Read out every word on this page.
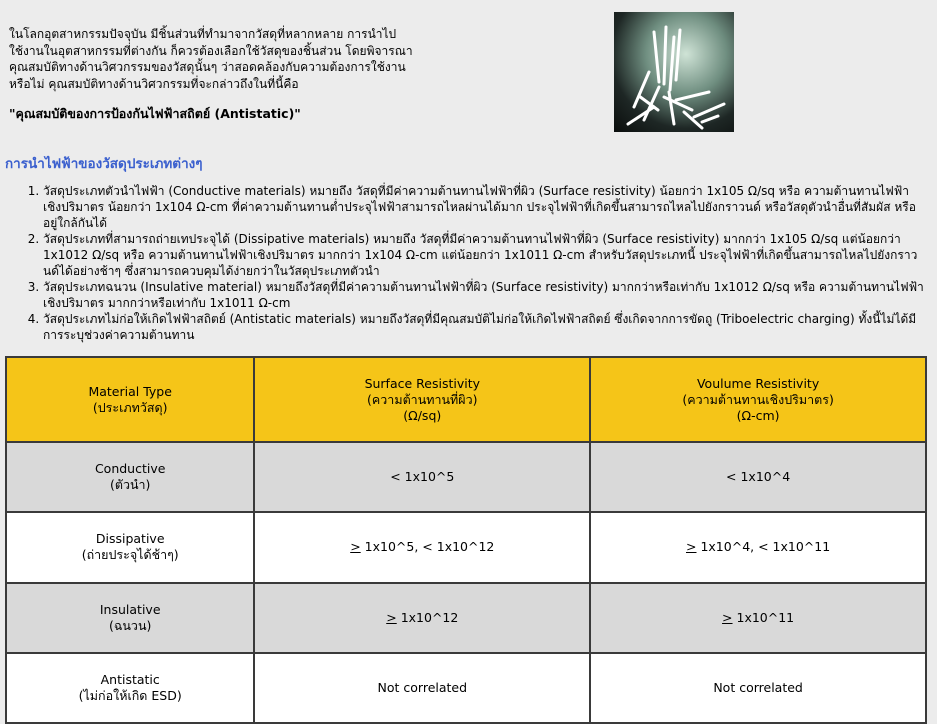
ในโลกอุตสาหกรรมปัจจุบัน มีชิ้นส่วนที่ทำมาจากวัสดุที่หลากหลาย การนำไป

ใช้งานในอุตสาหกรรมที่ต่างกัน ก็ควรต้องเลือกใช้วัสดุของชิ้นส่วน โดยพิจารณา

คุณสมบัติทางด้านวิศวกรรมของวัสดุนั้นๆ ว่าสอดคล้องกับความต้องการใช้งาน

หรือไม่ คุณสมบัติทางด้านวิศวกรรมที่จะกล่าวถึงในที่นี้คือ

"คุณสมบัติของการป้องกันไฟฟ้าสถิตย์ (Antistatic)"
การนำไฟฟ้าของวัสดุประเภทต่างๆ
1. วัสดุประเภทตัวนำไฟฟ้า (Conductive materials) หมายถึง วัสดุที่มีค่าความต้านทานไฟฟ้าที่ผิว (Surface resistivity) น้อยกว่า 1x105 Ω/sq หรือ ความต้านทานไฟฟ้าเชิงปริมาตร น้อยกว่า 1x104 Ω-cm ที่ค่าความต้านทานต่ำประจุไฟฟ้าสามารถไหลผ่านได้มาก ประจุไฟฟ้าที่เกิดขึ้นสามารถไหลไปยังกราวนด์ หรือวัสดุตัวนำอื่นที่สัมผัส หรืออยู่ใกล้กันได้
2. วัสดุประเภทที่สามารถถ่ายเทประจุได้ (Dissipative materials) หมายถึง วัสดุที่มีค่าความต้านทานไฟฟ้าที่ผิว (Surface resistivity) มากกว่า 1x105 Ω/sq แต่น้อยกว่า 1x1012 Ω/sq หรือ ความต้านทานไฟฟ้าเชิงปริมาตร มากกว่า 1x104 Ω-cm แต่น้อยกว่า 1x1011 Ω-cm สำหรับวัสดุประเภทนี้ ประจุไฟฟ้าที่เกิดขึ้นสามารถไหลไปยังกราวนด์ได้อย่างช้าๆ ซึ่งสามารถควบคุมได้ง่ายกว่าในวัสดุประเภทตัวนำ
3. วัสดุประเภทฉนวน (Insulative material) หมายถึงวัสดุที่มีค่าความต้านทานไฟฟ้าที่ผิว (Surface resistivity) มากกว่าหรือเท่ากับ 1x1012 Ω/sq หรือ ความต้านทานไฟฟ้าเชิงปริมาตร มากกว่าหรือเท่ากับ 1x1011 Ω-cm
4. วัสดุประเภทไม่ก่อให้เกิดไฟฟ้าสถิตย์ (Antistatic materials) หมายถึงวัสดุที่มีคุณสมบัติไม่ก่อให้เกิดไฟฟ้าสถิตย์ ซึ่งเกิดจากการขัดถู (Triboelectric charging) ทั้งนี้ไม่ได้มีการระบุช่วงค่าความต้านทาน
Material Type
(ประเภทวัสดุ)	Surface Resistivity
(ความต้านทานที่ผิว)
(Ω/sq)	Voulume Resistivity
(ความต้านทานเชิงปริมาตร)
(Ω-cm)

Conductive
(ตัวนำ)	< 1x10^5	< 1x10^4

Dissipative
(ถ่ายประจุได้ช้าๆ)	≥ 1x10^5, < 1x10^12	≥ 1x10^4, < 1x10^11

Insulative
(ฉนวน)	≥ 1x10^12	≥ 1x10^11

Antistatic
(ไม่ก่อให้เกิด ESD)	Not correlated	Not correlated
